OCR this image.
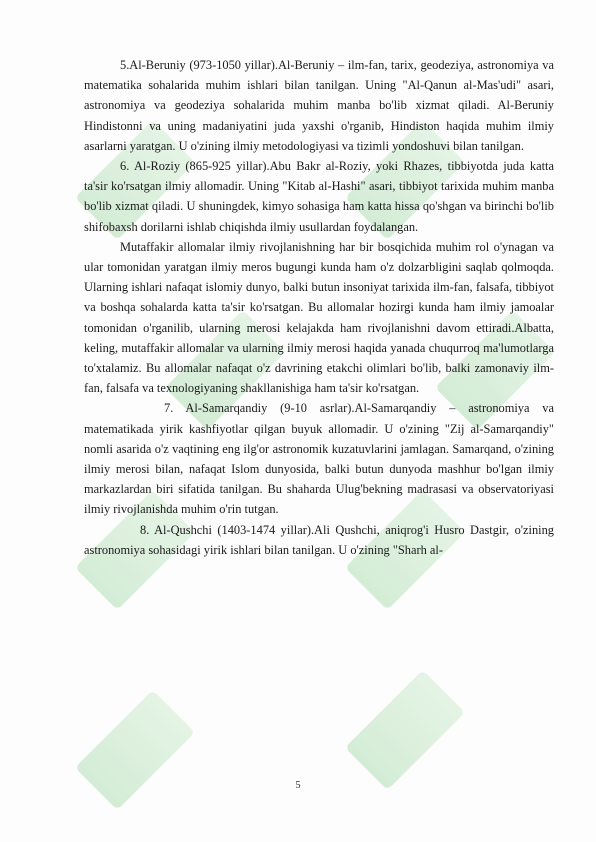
5.Al-Beruniy (973-1050 yillar).Al-Beruniy – ilm-fan, tarix, geodeziya, astronomiya va matematika sohalarida muhim ishlari bilan tanilgan. Uning "Al-Qanun al-Mas'udi" asari, astronomiya va geodeziya sohalarida muhim manba bo'lib xizmat qiladi. Al-Beruniy Hindistonni va uning madaniyatini juda yaxshi o'rganib, Hindiston haqida muhim ilmiy asarlarni yaratgan. U o'zining ilmiy metodologiyasi va tizimli yondoshuvi bilan tanilgan.

6. Al-Roziy (865-925 yillar).Abu Bakr al-Roziy, yoki Rhazes, tibbiyotda juda katta ta'sir ko'rsatgan ilmiy allomadir. Uning "Kitab al-Hashi" asari, tibbiyot tarixida muhim manba bo'lib xizmat qiladi. U shuningdek, kimyo sohasiga ham katta hissa qo'shgan va birinchi bo'lib shifobaxsh dorilarni ishlab chiqishda ilmiy usullardan foydalangan.

Mutaffakir allomalar ilmiy rivojlanishning har bir bosqichida muhim rol o'ynagan va ular tomonidan yaratgan ilmiy meros bugungi kunda ham o'z dolzarbligini saqlab qolmoqda. Ularning ishlari nafaqat islomiy dunyo, balki butun insoniyat tarixida ilm-fan, falsafa, tibbiyot va boshqa sohalarda katta ta'sir ko'rsatgan. Bu allomalar hozirgi kunda ham ilmiy jamoalar tomonidan o'rganilib, ularning merosi kelajakda ham rivojlanishni davom ettiradi.Albatta, keling, mutaffakir allomalar va ularning ilmiy merosi haqida yanada chuqurroq ma'lumotlarga to'xtalamiz. Bu allomalar nafaqat o'z davrining etakchi olimlari bo'lib, balki zamonaviy ilm-fan, falsafa va texnologiyaning shakllanishiga ham ta'sir ko'rsatgan.

7. Al-Samarqandiy (9-10 asrlar).Al-Samarqandiy – astronomiya va matematikada yirik kashfiyotlar qilgan buyuk allomadir. U o'zining "Zij al-Samarqandiy" nomli asarida o'z vaqtining eng ilg'or astronomik kuzatuvlarini jamlagan. Samarqand, o'zining ilmiy merosi bilan, nafaqat Islom dunyosida, balki butun dunyoda mashhur bo'lgan ilmiy markazlardan biri sifatida tanilgan. Bu shaharda Ulug'bekning madrasasi va observatoriyasi ilmiy rivojlanishda muhim o'rin tutgan.

8. Al-Qushchi (1403-1474 yillar).Ali Qushchi, aniqrog'i Husro Dastgir, o'zining astronomiya sohasidagi yirik ishlari bilan tanilgan. U o'zining "Sharh al-

5
